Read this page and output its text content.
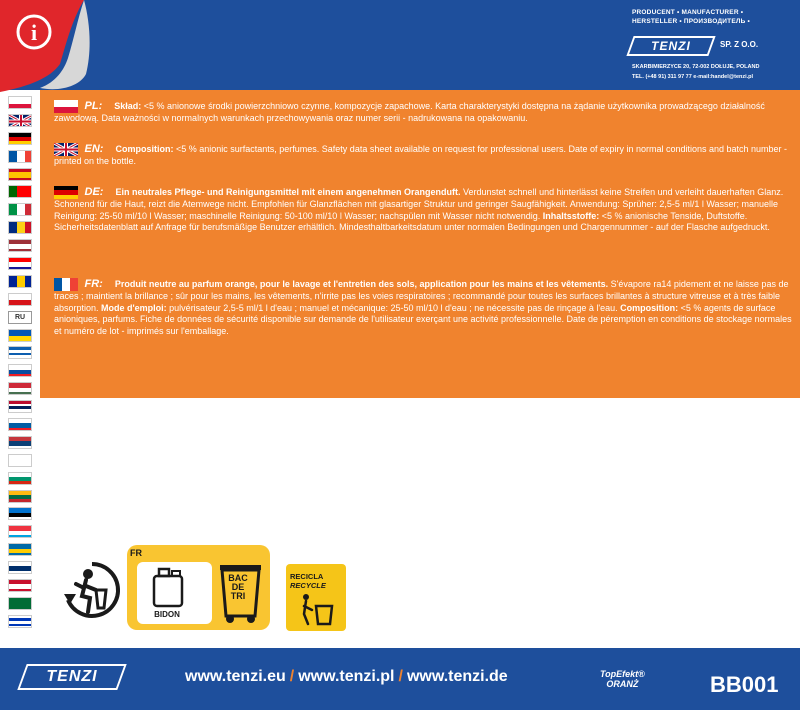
i
PRODUCENT • MANUFACTURER •
HERSTELLER • ПРОИЗВОДИТЕЛЬ •
TENZI	SP. Z O.O.
SKARBIMIERZYCE 20, 72-002 DOŁUJE, POLAND
TEL. (+48 91) 311 97 77 e-mail:handel@tenzi.pl
RU
PL: Skład: <5 % anionowe środki powierzchniowo czynne, kompozycje zapachowe. Karta charakterystyki dostępna na żądanie użytkownika prowadzącego działalność zawodową. Data ważności w normalnych warunkach przechowywania oraz numer serii - nadrukowana na opakowaniu.
EN: Composition: <5 % anionic surfactants, perfumes. Safety data sheet available on request for professional users. Date of expiry in normal conditions and batch number - printed on the bottle.
DE: Ein neutrales Pflege- und Reinigungsmittel mit einem angenehmen Orangenduft. Verdunstet schnell und hinterlässt keine Streifen und verleiht dauerhaften Glanz. Schonend für die Haut, reizt die Atemwege nicht. Empfohlen für Glanzflächen mit glasartiger Struktur und geringer Saugfähigkeit. Anwendung: Sprüher: 2,5-5 ml/1 l Wasser; manuelle Reinigung: 25-50 ml/10 l Wasser; maschinelle Reinigung: 50-100 ml/10 l Wasser; nachspülen mit Wasser nicht notwendig. Inhaltsstoffe: <5 % anionische Tenside, Duftstoffe. Sicherheitsdatenblatt auf Anfrage für berufsmäßige Benutzer erhältlich. Mindesthaltbarkeitsdatum unter normalen Bedingungen und Chargennummer - auf der Flasche aufgedruckt.
FR: Produit neutre au parfum orange, pour le lavage et l'entretien des sols, application pour les mains et les vêtements. S'évapore ra14 pidement et ne laisse pas de traces ; maintient la brillance ; sûr pour les mains, les vêtements, n'irrite pas les voies respiratoires ; recommandé pour toutes les surfaces brillantes à structure vitreuse et à très faible absorption. Mode d'emploi: pulvérisateur 2,5-5 ml/1 l d'eau ; manuel et mécanique: 25-50 ml/10 l d'eau ; ne nécessite pas de rinçage à l'eau. Composition: <5 % agents de surface anioniques, parfums. Fiche de données de sécurité disponible sur demande de l'utilisateur exerçant une activité professionnelle. Date de péremption en conditions de stockage normales et numéro de lot - imprimés sur l'emballage.
FR
BIDON
BAC
DE
TRI
RECICLA
RECYCLE
TENZI	www.tenzi.eu / www.tenzi.pl / www.tenzi.de	TopEfekt®
ORANŻ	BB001
